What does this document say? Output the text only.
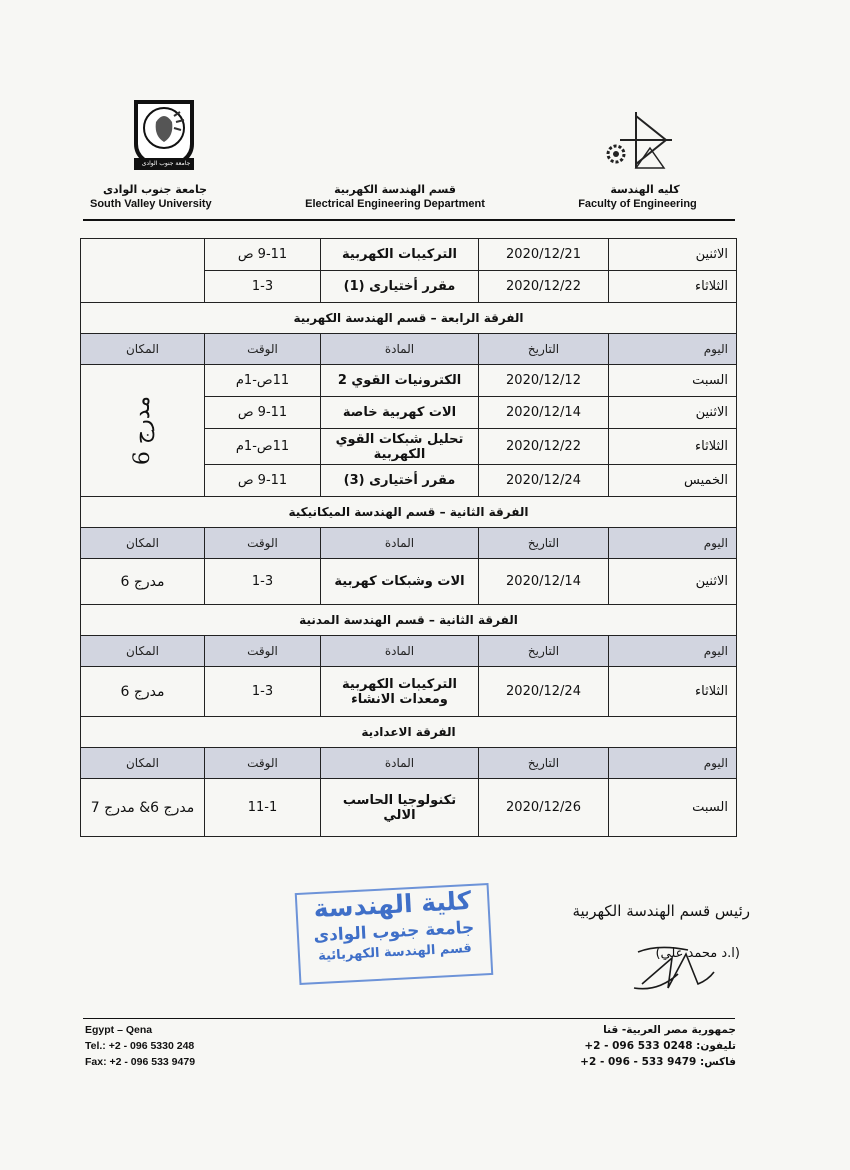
جامعة جنوب الوادى
جامعة جنوب الوادى
South Valley University
قسم الهندسة الكهربية
Electrical Engineering Department
كليه الهندسة
Faculty of Engineering
الاثنين	2020/12/21	التركيبات الكهربية	9-11 ص	
الثلاثاء	2020/12/22	مقرر أختيارى (1)	1-3	
الفرقة الرابعة – قسم الهندسة الكهربية				
اليوم	التاريخ	المادة	الوقت	المكان
السبت	2020/12/12	الكترونيات القوي 2	11ص-1م	مدرج 6
الاثنين	2020/12/14	الات كهربية خاصة	9-11 ص	
الثلاثاء	2020/12/22	تحليل شبكات القوي الكهربية	11ص-1م	
الخميس	2020/12/24	مقرر أختيارى (3)	9-11 ص	
الفرقة الثانية – قسم الهندسة الميكانيكية				
اليوم	التاريخ	المادة	الوقت	المكان
الاثنين	2020/12/14	الات وشبكات كهربية	1-3	مدرج 6
الفرقة الثانية – قسم الهندسة المدنية				
اليوم	التاريخ	المادة	الوقت	المكان
الثلاثاء	2020/12/24	التركيبات الكهربية ومعدات الانشاء	1-3	مدرج 6
الفرقة الاعدادية				
اليوم	التاريخ	المادة	الوقت	المكان
السبت	2020/12/26	تكنولوجيا الحاسب الالي	11-1	مدرج 6& مدرج 7
كلية الهندسة
جامعة جنوب الوادى
قسم الهندسة الكهربائية
رئيس قسم الهندسة الكهربية
(ا.د محمد علي)
Egypt – Qena
Tel.: +2 - 096 5330 248
Fax: +2 - 096 533 9479
جمهورية مصر العربية- قنا
تليفون: 0248 533 096 - 2+
فاكس: 9479 533 - 096 - 2+
